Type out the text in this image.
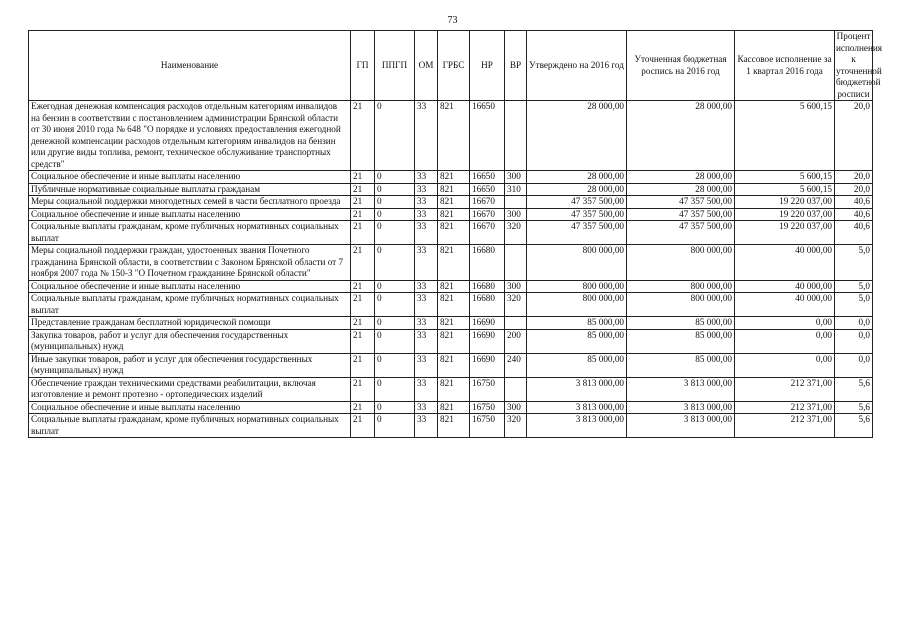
73
Наименование	ГП	ППГП	ОМ	ГРБС	НР	ВР	Утверждено на 2016 год	Уточненная бюджетная роспись на 2016 год	Кассовое исполнение за 1 квартал 2016 года	Процент исполнения к уточненной бюджетной росписи
Ежегодная денежная компенсация расходов отдельным категориям инвалидов на бензин в соответствии с постановлением администрации Брянской области от 30 июня 2010 года № 648 "О порядке и условиях предоставления ежегодной денежной компенсации расходов отдельным категориям инвалидов на бензин или другие виды топлива, ремонт, техническое обслуживание транспортных средств"	21	0	33	821	16650		28 000,00	28 000,00	5 600,15	20,0
Социальное обеспечение и иные выплаты населению	21	0	33	821	16650	300	28 000,00	28 000,00	5 600,15	20,0
Публичные нормативные социальные выплаты гражданам	21	0	33	821	16650	310	28 000,00	28 000,00	5 600,15	20,0
Меры социальной поддержки многодетных семей в части бесплатного проезда	21	0	33	821	16670		47 357 500,00	47 357 500,00	19 220 037,00	40,6
Социальное обеспечение и иные выплаты населению	21	0	33	821	16670	300	47 357 500,00	47 357 500,00	19 220 037,00	40,6
Социальные выплаты гражданам, кроме публичных нормативных социальных выплат	21	0	33	821	16670	320	47 357 500,00	47 357 500,00	19 220 037,00	40,6
Меры социальной поддержки граждан, удостоенных звания Почетного гражданина Брянской области, в соответствии с Законом Брянской области от 7 ноября 2007 года № 150-З "О Почетном гражданине Брянской области"	21	0	33	821	16680		800 000,00	800 000,00	40 000,00	5,0
Социальное обеспечение и иные выплаты населению	21	0	33	821	16680	300	800 000,00	800 000,00	40 000,00	5,0
Социальные выплаты гражданам, кроме публичных нормативных социальных выплат	21	0	33	821	16680	320	800 000,00	800 000,00	40 000,00	5,0
Представление гражданам бесплатной юридической помощи	21	0	33	821	16690		85 000,00	85 000,00	0,00	0,0
Закупка товаров, работ и услуг для обеспечения государственных (муниципальных) нужд	21	0	33	821	16690	200	85 000,00	85 000,00	0,00	0,0
Иные закупки товаров, работ и услуг для обеспечения государственных (муниципальных) нужд	21	0	33	821	16690	240	85 000,00	85 000,00	0,00	0,0
Обеспечение граждан техническими средствами реабилитации, включая изготовление и ремонт протезно - ортопедических изделий	21	0	33	821	16750		3 813 000,00	3 813 000,00	212 371,00	5,6
Социальное обеспечение и иные выплаты населению	21	0	33	821	16750	300	3 813 000,00	3 813 000,00	212 371,00	5,6
Социальные выплаты гражданам, кроме публичных нормативных социальных выплат	21	0	33	821	16750	320	3 813 000,00	3 813 000,00	212 371,00	5,6
